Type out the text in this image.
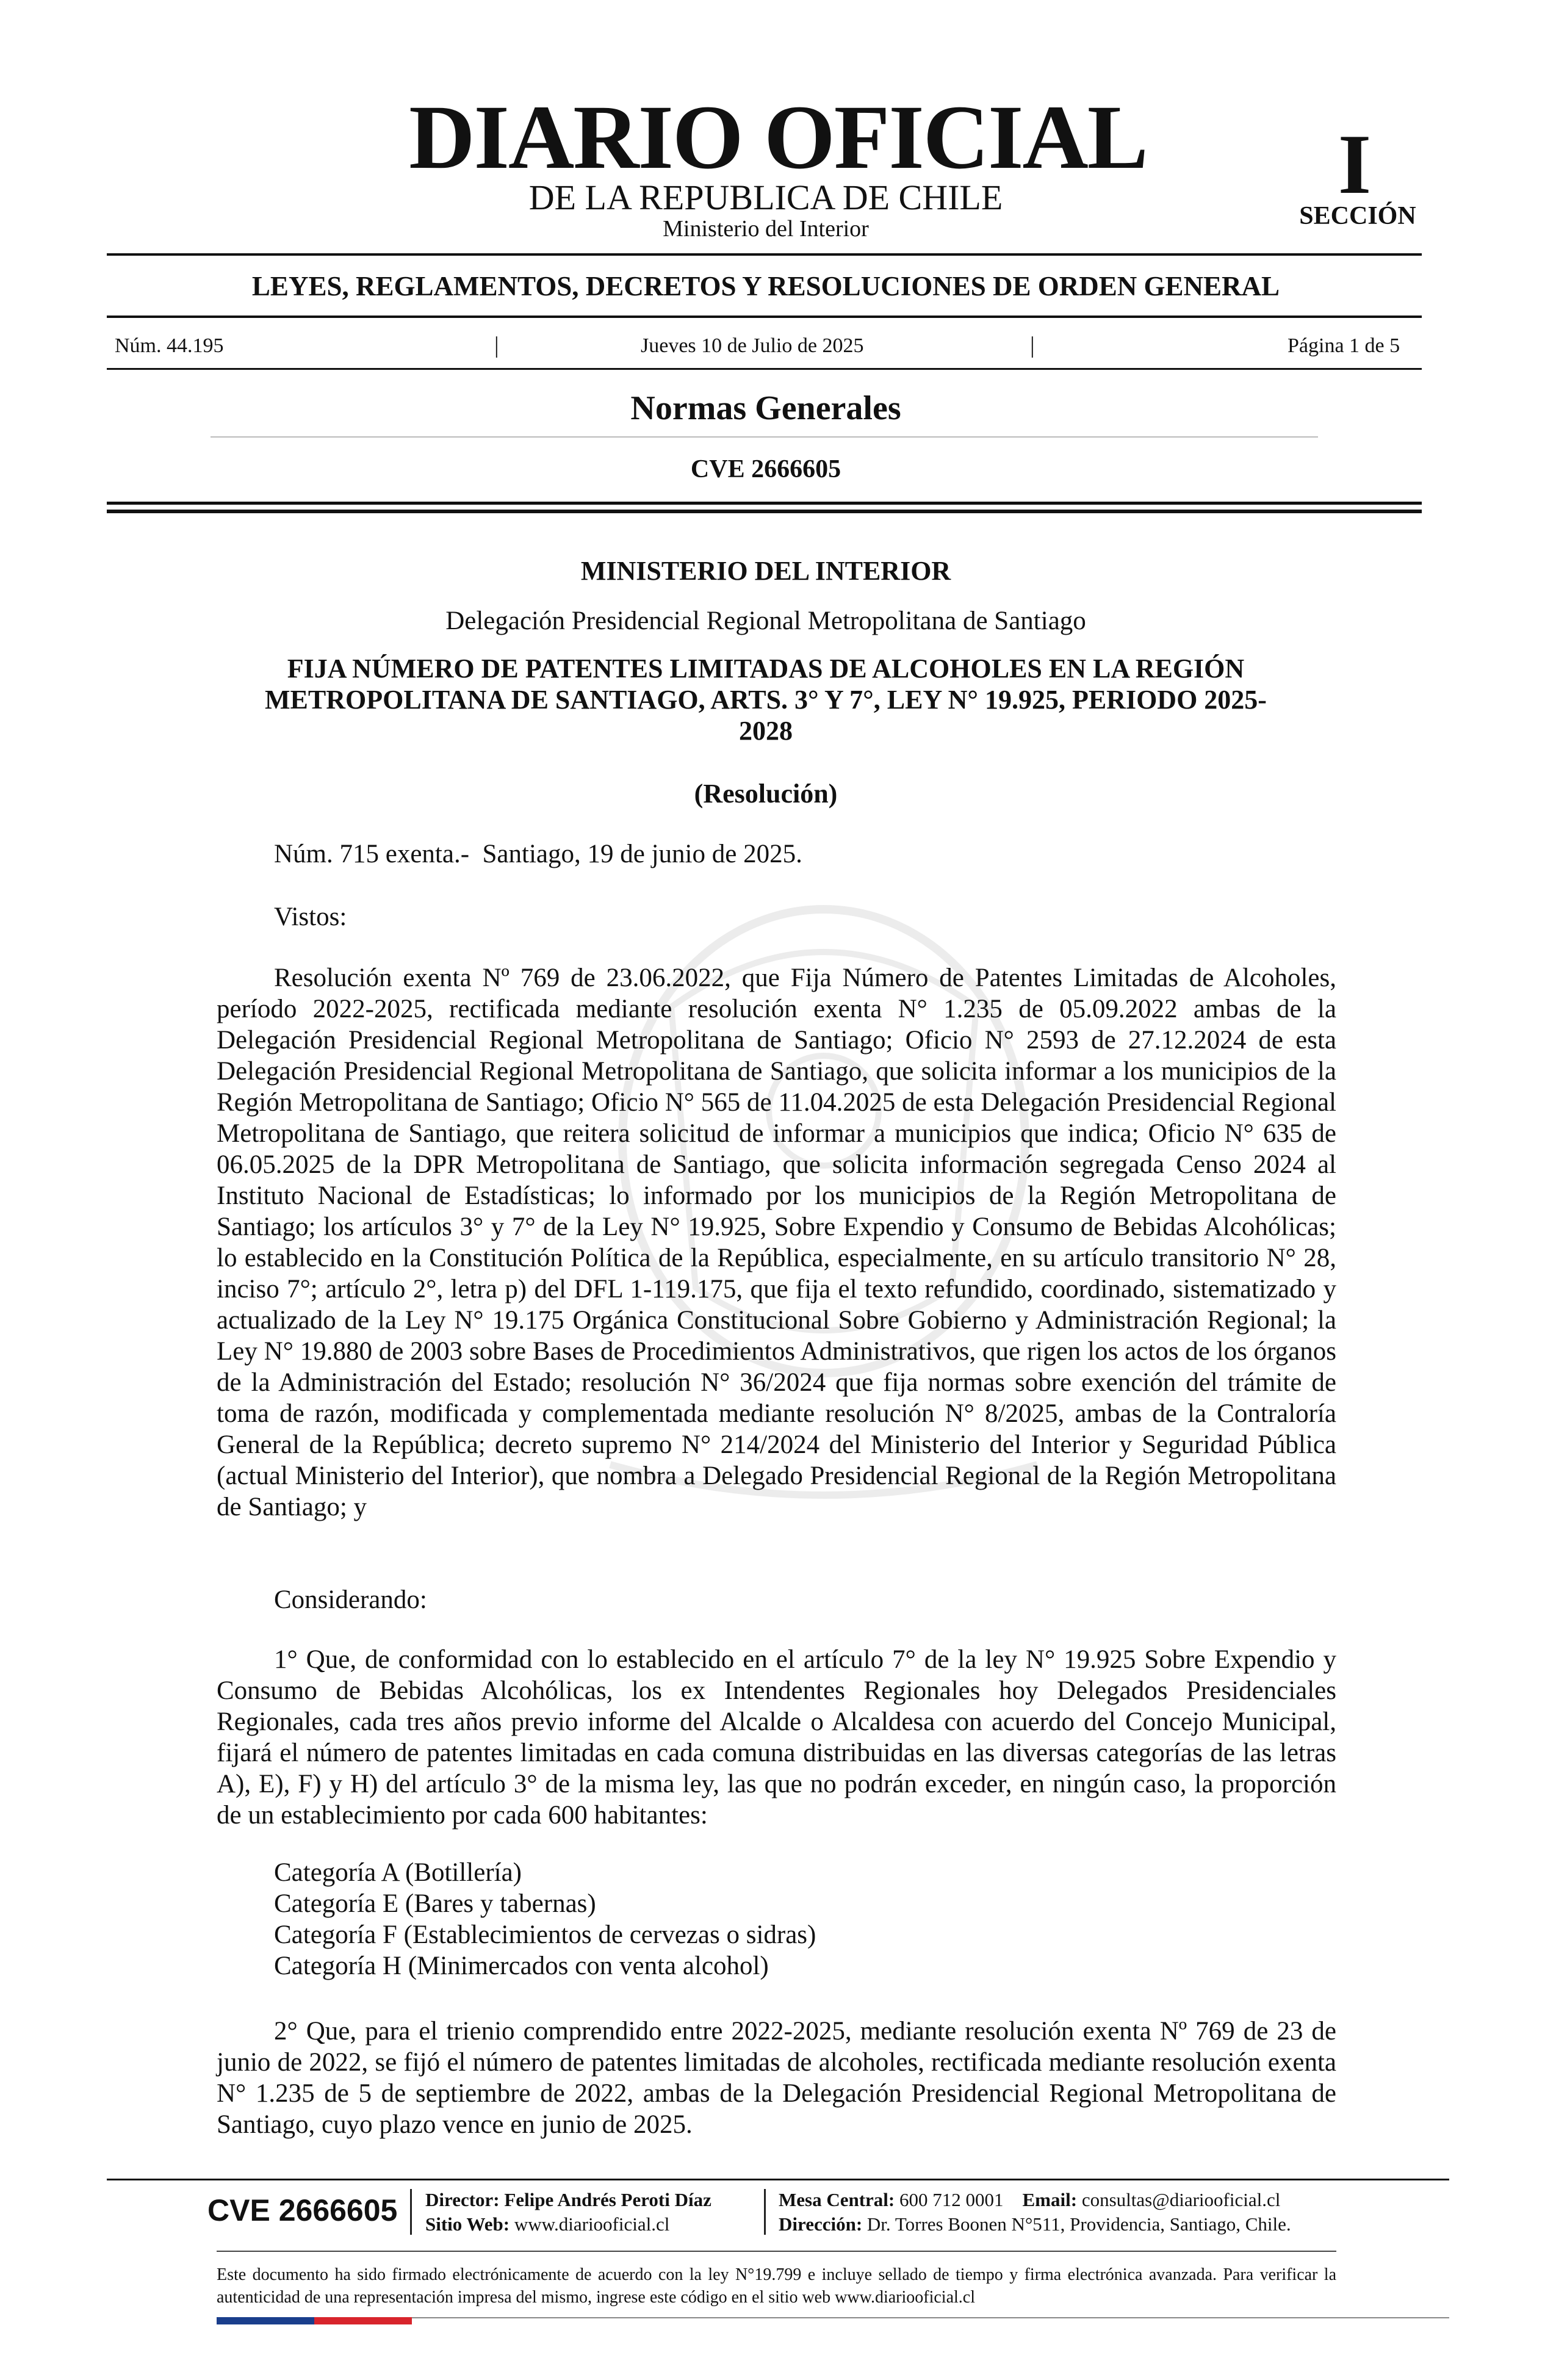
DIARIO OFICIAL
DE LA REPUBLICA DE CHILE
Ministerio del Interior
I
SECCIÓN
LEYES, REGLAMENTOS, DECRETOS Y RESOLUCIONES DE ORDEN GENERAL
Núm. 44.195	|	Jueves 10 de Julio de 2025	|	Página 1 de 5
Normas Generales
CVE 2666605
MINISTERIO DEL INTERIOR
Delegación Presidencial Regional Metropolitana de Santiago
FIJA NÚMERO DE PATENTES LIMITADAS DE ALCOHOLES EN LA REGIÓN METROPOLITANA DE SANTIAGO, ARTS. 3° Y 7°, LEY N° 19.925, PERIODO 2025-2028
(Resolución)
Núm. 715 exenta.-  Santiago, 19 de junio de 2025.
Vistos:

Resolución exenta Nº 769 de 23.06.2022, que Fija Número de Patentes Limitadas de Alcoholes, período 2022-2025, rectificada mediante resolución exenta N° 1.235 de 05.09.2022 ambas de la Delegación Presidencial Regional Metropolitana de Santiago; Oficio N° 2593 de 27.12.2024 de esta Delegación Presidencial Regional Metropolitana de Santiago, que solicita informar a los municipios de la Región Metropolitana de Santiago; Oficio N° 565 de 11.04.2025 de esta Delegación Presidencial Regional Metropolitana de Santiago, que reitera solicitud de informar a municipios que indica; Oficio N° 635 de 06.05.2025 de la DPR Metropolitana de Santiago, que solicita información segregada Censo 2024 al Instituto Nacional de Estadísticas; lo informado por los municipios de la Región Metropolitana de Santiago; los artículos 3° y 7° de la Ley N° 19.925, Sobre Expendio y Consumo de Bebidas Alcohólicas; lo establecido en la Constitución Política de la República, especialmente, en su artículo transitorio N° 28, inciso 7°; artículo 2°, letra p) del DFL 1-119.175, que fija el texto refundido, coordinado, sistematizado y actualizado de la Ley N° 19.175 Orgánica Constitucional Sobre Gobierno y Administración Regional; la Ley N° 19.880 de 2003 sobre Bases de Procedimientos Administrativos, que rigen los actos de los órganos de la Administración del Estado; resolución N° 36/2024 que fija normas sobre exención del trámite de toma de razón, modificada y complementada mediante resolución N° 8/2025, ambas de la Contraloría General de la República; decreto supremo N° 214/2024 del Ministerio del Interior y Seguridad Pública (actual Ministerio del Interior), que nombra a Delegado Presidencial Regional de la Región Metropolitana de Santiago; y

Considerando:

1° Que, de conformidad con lo establecido en el artículo 7° de la ley N° 19.925 Sobre Expendio y Consumo de Bebidas Alcohólicas, los ex Intendentes Regionales hoy Delegados Presidenciales Regionales, cada tres años previo informe del Alcalde o Alcaldesa con acuerdo del Concejo Municipal, fijará el número de patentes limitadas en cada comuna distribuidas en las diversas categorías de las letras A), E), F) y H) del artículo 3° de la misma ley, las que no podrán exceder, en ningún caso, la proporción de un establecimiento por cada 600 habitantes:

Categoría A (Botillería)
Categoría E (Bares y tabernas)
Categoría F (Establecimientos de cervezas o sidras)
Categoría H (Minimercados con venta alcohol)

2° Que, para el trienio comprendido entre 2022-2025, mediante resolución exenta Nº 769 de 23 de junio de 2022, se fijó el número de patentes limitadas de alcoholes, rectificada mediante resolución exenta N° 1.235 de 5 de septiembre de 2022, ambas de la Delegación Presidencial Regional Metropolitana de Santiago, cuyo plazo vence en junio de 2025.

CVE 2666605 Director: Felipe Andrés Peroti Díaz
Sitio Web: www.diariooficial.cl
Mesa Central: 600 712 0001 Email: consultas@diariooficial.cl
Dirección: Dr. Torres Boonen N°511, Providencia, Santiago, Chile.
Este documento ha sido firmado electrónicamente de acuerdo con la ley N°19.799 e incluye sellado de tiempo y firma electrónica avanzada. Para verificar la autenticidad de una representación impresa del mismo, ingrese este código en el sitio web www.diariooficial.cl
